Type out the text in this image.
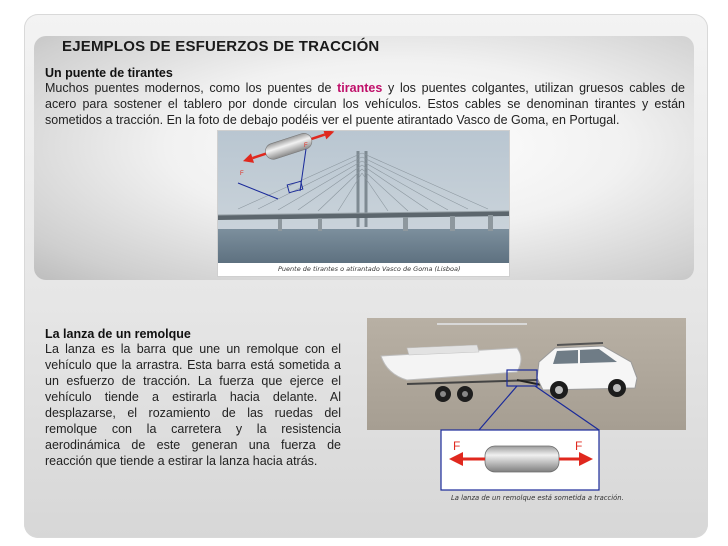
EJEMPLOS DE ESFUERZOS DE TRACCIÓN

Un puente de tirantes

Muchos puentes modernos, como los puentes de tirantes y los puentes colgantes, utilizan gruesos cables de acero para sostener el tablero por donde circulan los vehículos. Estos cables se denominan tirantes y están sometidos a tracción. En la foto de debajo podéis ver el puente atirantado Vasco de Goma, en Portugal.

F
F
Puente de tirantes o atirantado Vasco de Goma (Lisboa)

La lanza de un remolque

La lanza es la barra que une un remolque con el vehículo que la arrastra. Esta barra está sometida a un esfuerzo de tracción. La fuerza que ejerce el vehículo tiende a estirarla hacia delante. Al desplazarse, el rozamiento de las ruedas del remolque con la carretera y la resistencia aerodinámica de este generan una fuerza de reacción que tiende a estirar la lanza hacia atrás.

F	F
La lanza de un remolque está sometida a tracción.
